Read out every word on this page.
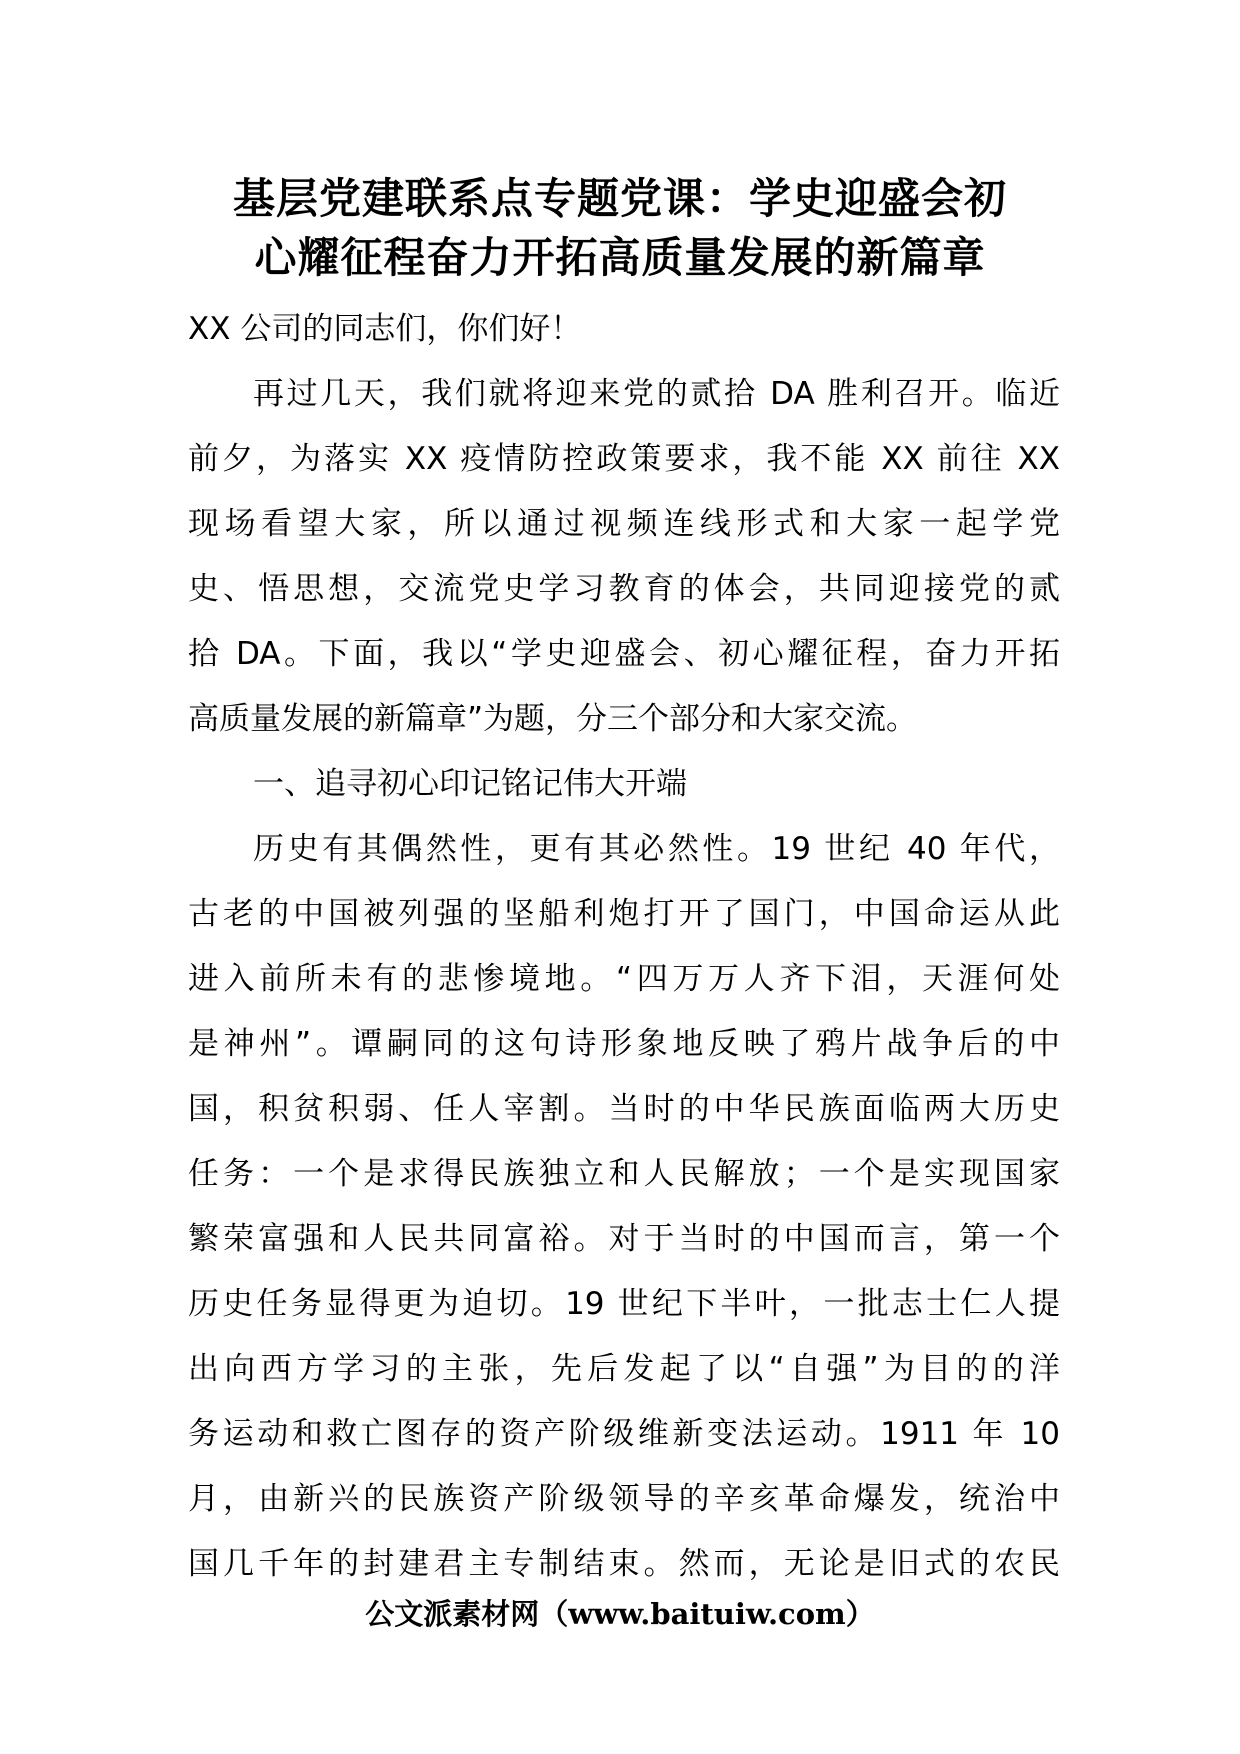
基层党建联系点专题党课：学史迎盛会初
心耀征程奋力开拓高质量发展的新篇章
XX 公司的同志们，你们好！
再过几天，我们就将迎来党的贰拾 DA 胜利召开。临近
前夕，为落实 XX 疫情防控政策要求，我不能 XX 前往 XX
现场看望大家，所以通过视频连线形式和大家一起学党
史、悟思想，交流党史学习教育的体会，共同迎接党的贰
拾 DA。下面，我以“学史迎盛会、初心耀征程，奋力开拓
高质量发展的新篇章”为题，分三个部分和大家交流。
一、追寻初心印记铭记伟大开端
历史有其偶然性，更有其必然性。19 世纪 40 年代，
古老的中国被列强的坚船利炮打开了国门，中国命运从此
进入前所未有的悲惨境地。“四万万人齐下泪，天涯何处
是神州”。谭嗣同的这句诗形象地反映了鸦片战争后的中
国，积贫积弱、任人宰割。当时的中华民族面临两大历史
任务：一个是求得民族独立和人民解放；一个是实现国家
繁荣富强和人民共同富裕。对于当时的中国而言，第一个
历史任务显得更为迫切。19 世纪下半叶，一批志士仁人提
出向西方学习的主张，先后发起了以“自强”为目的的洋
务运动和救亡图存的资产阶级维新变法运动。1911 年 10
月，由新兴的民族资产阶级领导的辛亥革命爆发，统治中
国几千年的封建君主专制结束。然而，无论是旧式的农民
公文派素材网（www.baituiw.com）
